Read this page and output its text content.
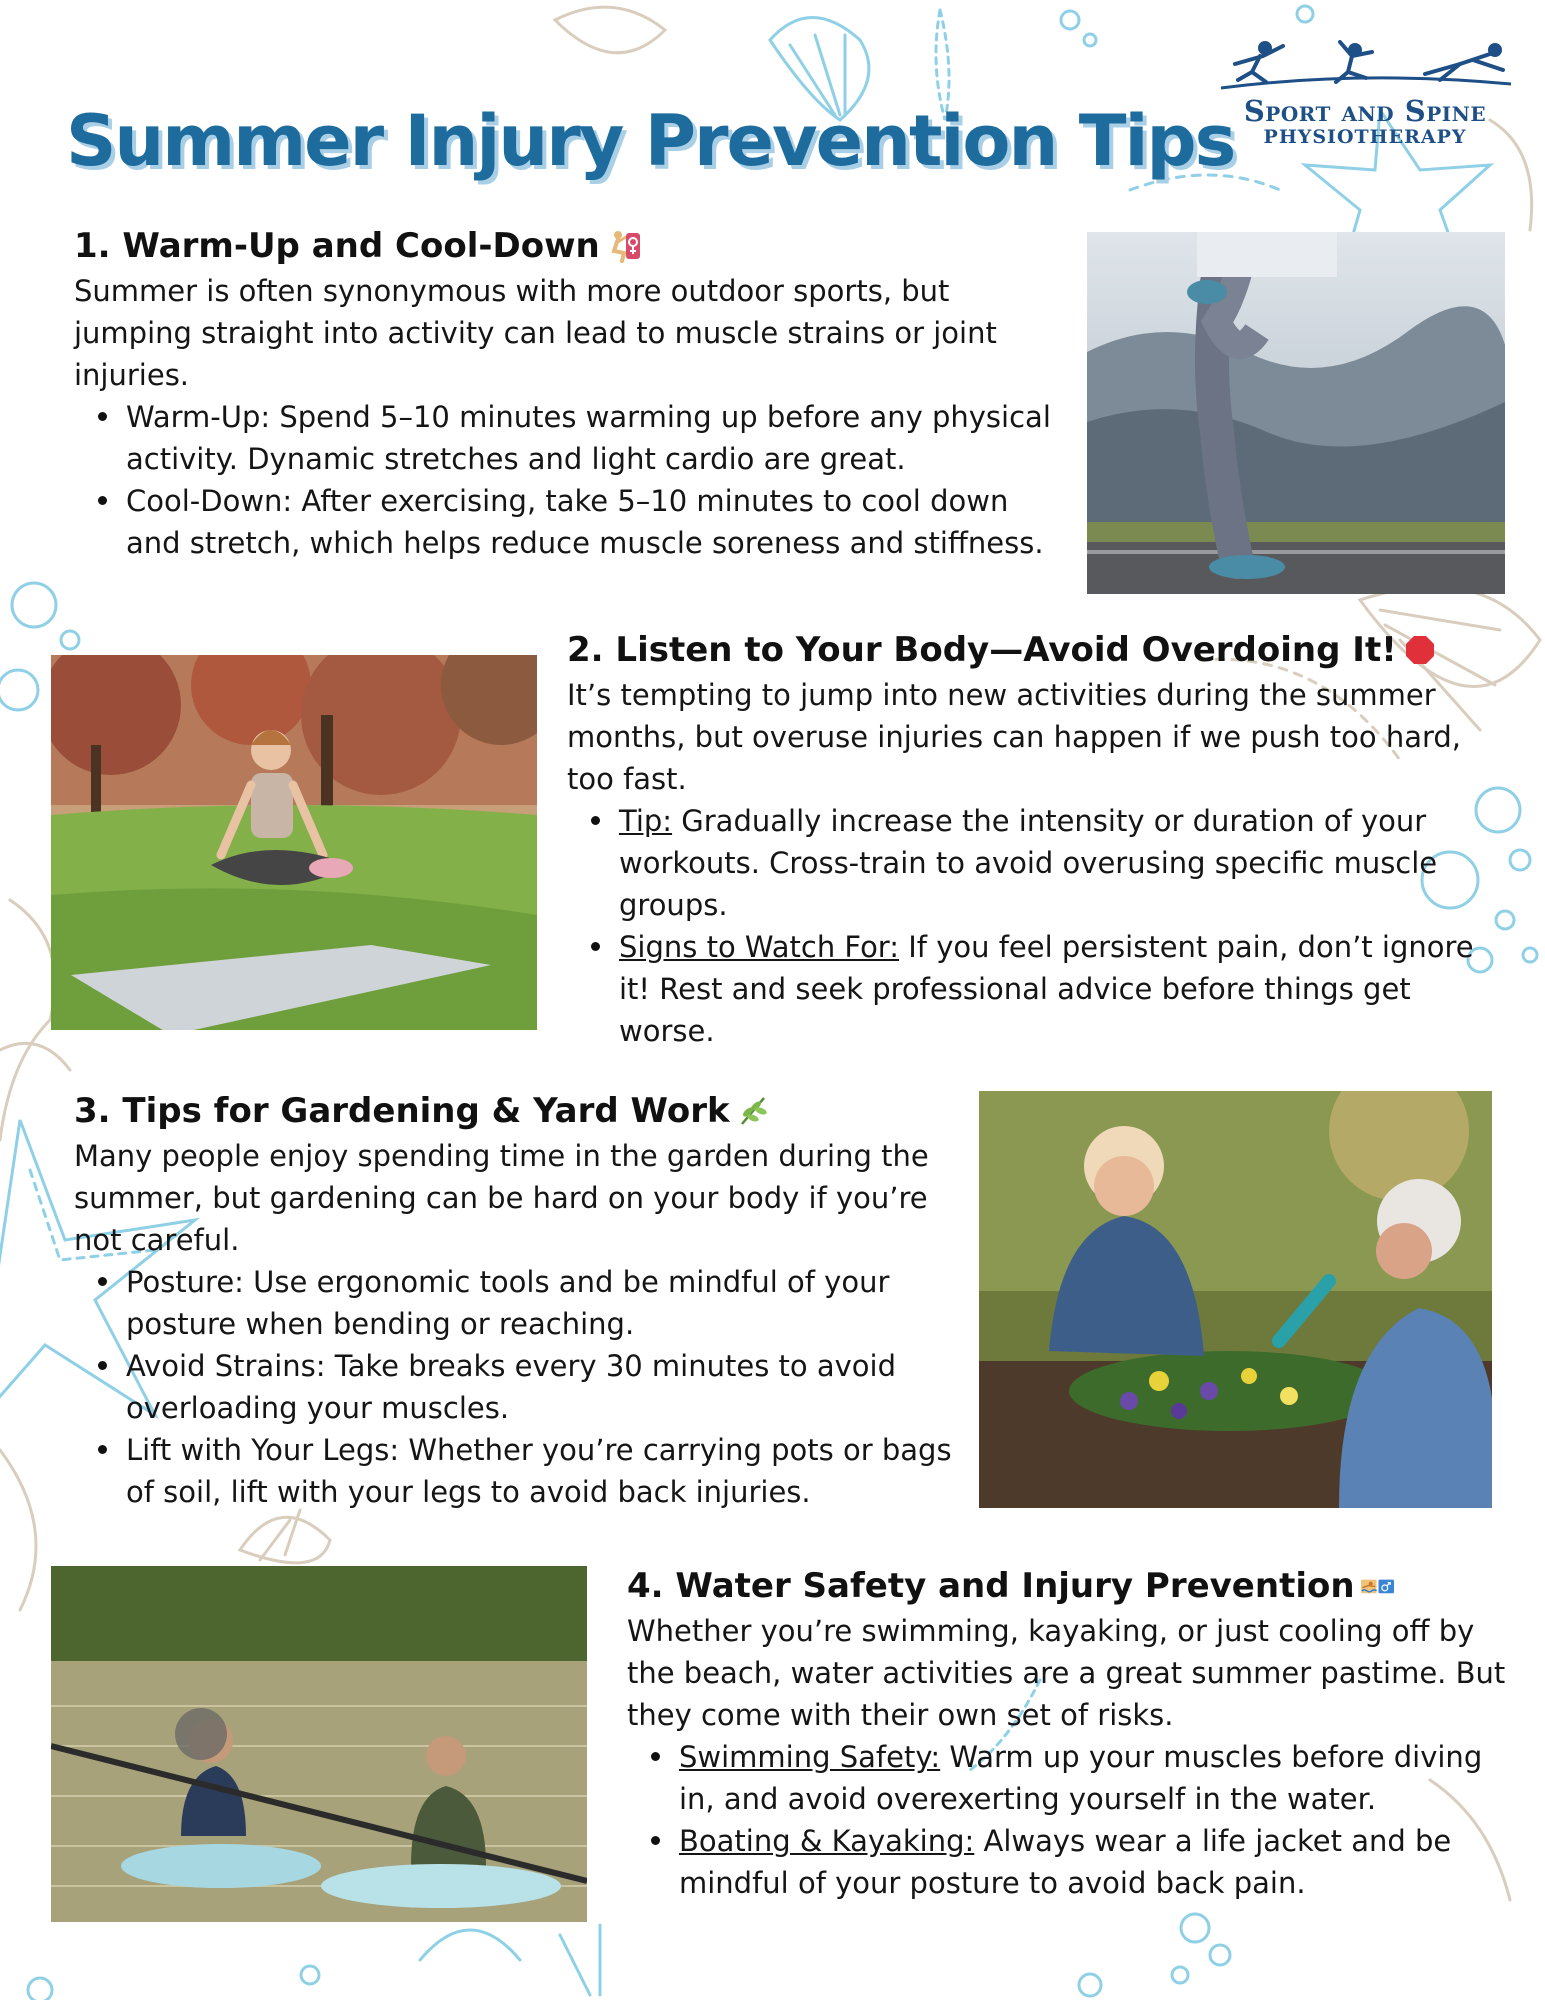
Summer Injury Prevention Tips Sport and Spine
PHYSIOTHERAPY
1. Warm-Up and Cool-Down

Summer is often synonymous with more outdoor sports, but jumping straight into activity can lead to muscle strains or joint injuries.

Warm-Up: Spend 5–10 minutes warming up before any physical activity. Dynamic stretches and light cardio are great.
Cool-Down: After exercising, take 5–10 minutes to cool down and stretch, which helps reduce muscle soreness and stiffness.
2. Listen to Your Body—Avoid Overdoing It!

It’s tempting to jump into new activities during the summer months, but overuse injuries can happen if we push too hard, too fast.

Tip: Gradually increase the intensity or duration of your workouts. Cross-train to avoid overusing specific muscle groups.
Signs to Watch For: If you feel persistent pain, don’t ignore it! Rest and seek professional advice before things get worse.
3. Tips for Gardening & Yard Work

Many people enjoy spending time in the garden during the summer, but gardening can be hard on your body if you’re not careful.

Posture: Use ergonomic tools and be mindful of your posture when bending or reaching.
Avoid Strains: Take breaks every 30 minutes to avoid overloading your muscles.
Lift with Your Legs: Whether you’re carrying pots or bags of soil, lift with your legs to avoid back injuries.
4. Water Safety and Injury Prevention

Whether you’re swimming, kayaking, or just cooling off by the beach, water activities are a great summer pastime. But they come with their own set of risks.

Swimming Safety: Warm up your muscles before diving in, and avoid overexerting yourself in the water.
Boating & Kayaking: Always wear a life jacket and be mindful of your posture to avoid back pain.
